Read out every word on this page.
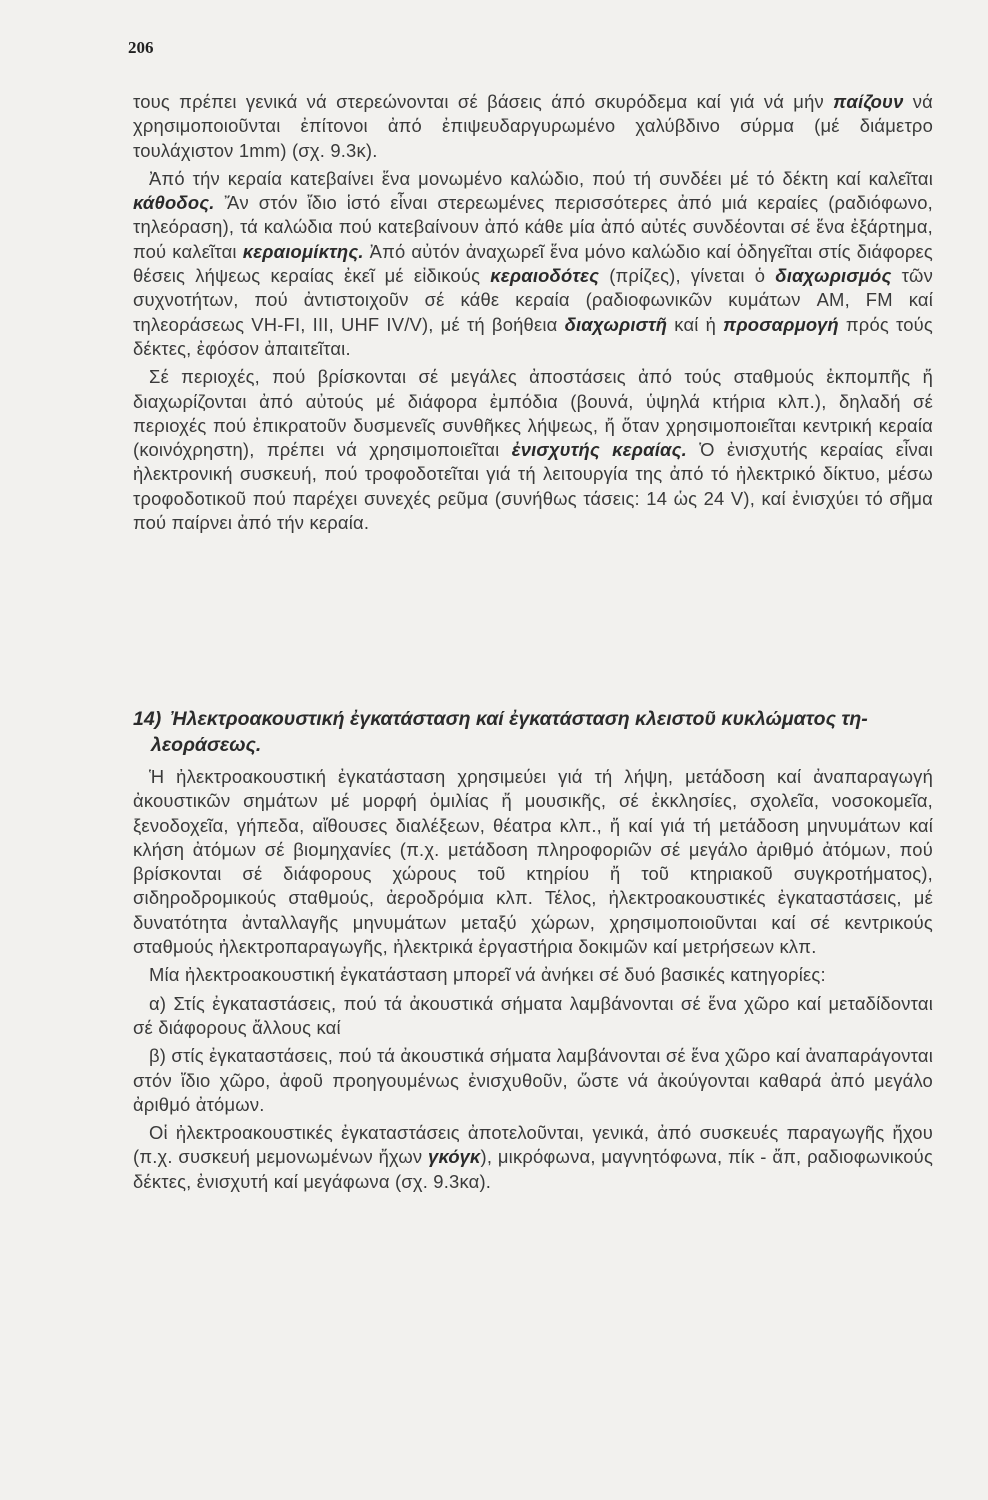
206

τους πρέπει γενικά νά στερεώνονται σέ βάσεις άπό σκυρόδεμα καί γιά νά μήν παίζουν νά χρησιμοποιοῦνται ἐπίτονοι ἀπό ἐπιψευδαργυρωμένο χαλύβδινο σύρμα (μέ διάμετρο τουλάχιστον 1mm) (σχ. 9.3κ).

Ἀπό τήν κεραία κατεβαίνει ἕνα μονωμένο καλώδιο, πού τή συνδέει μέ τό δέκτη καί καλεῖται κάθοδος. Ἄν στόν ἴδιο ἱστό εἶναι στερεωμένες περισσότερες ἀπό μιά κεραίες (ραδιόφωνο, τηλεόραση), τά καλώδια πού κατεβαίνουν ἀπό κάθε μία ἀπό αὐτές συνδέονται σέ ἕνα ἐξάρτημα, πού καλεῖται κεραιομίκτης. Ἀπό αὐτόν ἀναχωρεῖ ἕνα μόνο καλώδιο καί ὁδηγεῖται στίς διάφορες θέσεις λήψεως κεραίας ἐκεῖ μέ εἰδικούς κεραιοδότες (πρίζες), γίνεται ὁ διαχωρισμός τῶν συχνοτήτων, πού ἀντιστοιχοῦν σέ κάθε κεραία (ραδιοφωνικῶν κυμάτων AM, FM καί τηλεοράσεως VH-FI, III, UHF IV/V), μέ τή βοήθεια διαχωριστῆ καί ἡ προσαρμογή πρός τούς δέκτες, ἐφόσον ἀπαιτεῖται.

Σέ περιοχές, πού βρίσκονται σέ μεγάλες ἀποστάσεις ἀπό τούς σταθμούς ἐκπομπῆς ἤ διαχωρίζονται ἀπό αὐτούς μέ διάφορα ἐμπόδια (βουνά, ὑψηλά κτήρια κλπ.), δηλαδή σέ περιοχές πού ἐπικρατοῦν δυσμενεῖς συνθῆκες λήψεως, ἤ ὅταν χρησιμοποιεῖται κεντρική κεραία (κοινόχρηστη), πρέπει νά χρησιμοποιεῖται ἐνισχυτής κεραίας. Ὁ ἐνισχυτής κεραίας εἶναι ἠλεκτρονική συσκευή, πού τροφοδοτεῖται γιά τή λειτουργία της ἀπό τό ἠλεκτρικό δίκτυο, μέσω τροφοδοτικοῦ πού παρέχει συνεχές ρεῦμα (συνήθως τάσεις: 14 ὡς 24 V), καί ἐνισχύει τό σῆμα πού παίρνει ἀπό τήν κεραία.

14) Ἠλεκτροακουστική ἐγκατάσταση καί ἐγκατάσταση κλειστοῦ κυκλώματος τη-
λεοράσεως.

Ἡ ἠλεκτροακουστική ἐγκατάσταση χρησιμεύει γιά τή λήψη, μετάδοση καί ἀναπαραγωγή ἀκουστικῶν σημάτων μέ μορφή ὁμιλίας ἤ μουσικῆς, σέ ἐκκλησίες, σχολεῖα, νοσοκομεῖα, ξενοδοχεῖα, γήπεδα, αἴθουσες διαλέξεων, θέατρα κλπ., ἤ καί γιά τή μετάδοση μηνυμάτων καί κλήση ἀτόμων σέ βιομηχανίες (π.χ. μετάδοση πληροφοριῶν σέ μεγάλο ἀριθμό ἀτόμων, πού βρίσκονται σέ διάφορους χώρους τοῦ κτηρίου ἤ τοῦ κτηριακοῦ συγκροτήματος), σιδηροδρομικούς σταθμούς, ἀεροδρόμια κλπ. Τέλος, ἠλεκτροακουστικές ἐγκαταστάσεις, μέ δυνατότητα ἀνταλλαγῆς μηνυμάτων μεταξύ χώρων, χρησιμοποιοῦνται καί σέ κεντρικούς σταθμούς ἠλεκτροπαραγωγῆς, ἠλεκτρικά ἐργαστήρια δοκιμῶν καί μετρήσεων κλπ.

Μία ἠλεκτροακουστική ἐγκατάσταση μπορεῖ νά ἀνήκει σέ δυό βασικές κατηγορίες:

α) Στίς ἐγκαταστάσεις, πού τά ἀκουστικά σήματα λαμβάνονται σέ ἕνα χῶρο καί μεταδίδονται σέ διάφορους ἄλλους καί

β) στίς ἐγκαταστάσεις, πού τά ἀκουστικά σήματα λαμβάνονται σέ ἕνα χῶρο καί ἀναπαράγονται στόν ἴδιο χῶρο, ἀφοῦ προηγουμένως ἐνισχυθοῦν, ὥστε νά ἀκούγονται καθαρά ἀπό μεγάλο ἀριθμό ἀτόμων.

Οἱ ἠλεκτροακουστικές ἐγκαταστάσεις ἀποτελοῦνται, γενικά, ἀπό συσκευές παραγωγῆς ἤχου (π.χ. συσκευή μεμονωμένων ἤχων γκόγκ), μικρόφωνα, μαγνητόφωνα, πίκ - ἄπ, ραδιοφωνικούς δέκτες, ἐνισχυτή καί μεγάφωνα (σχ. 9.3κα).
